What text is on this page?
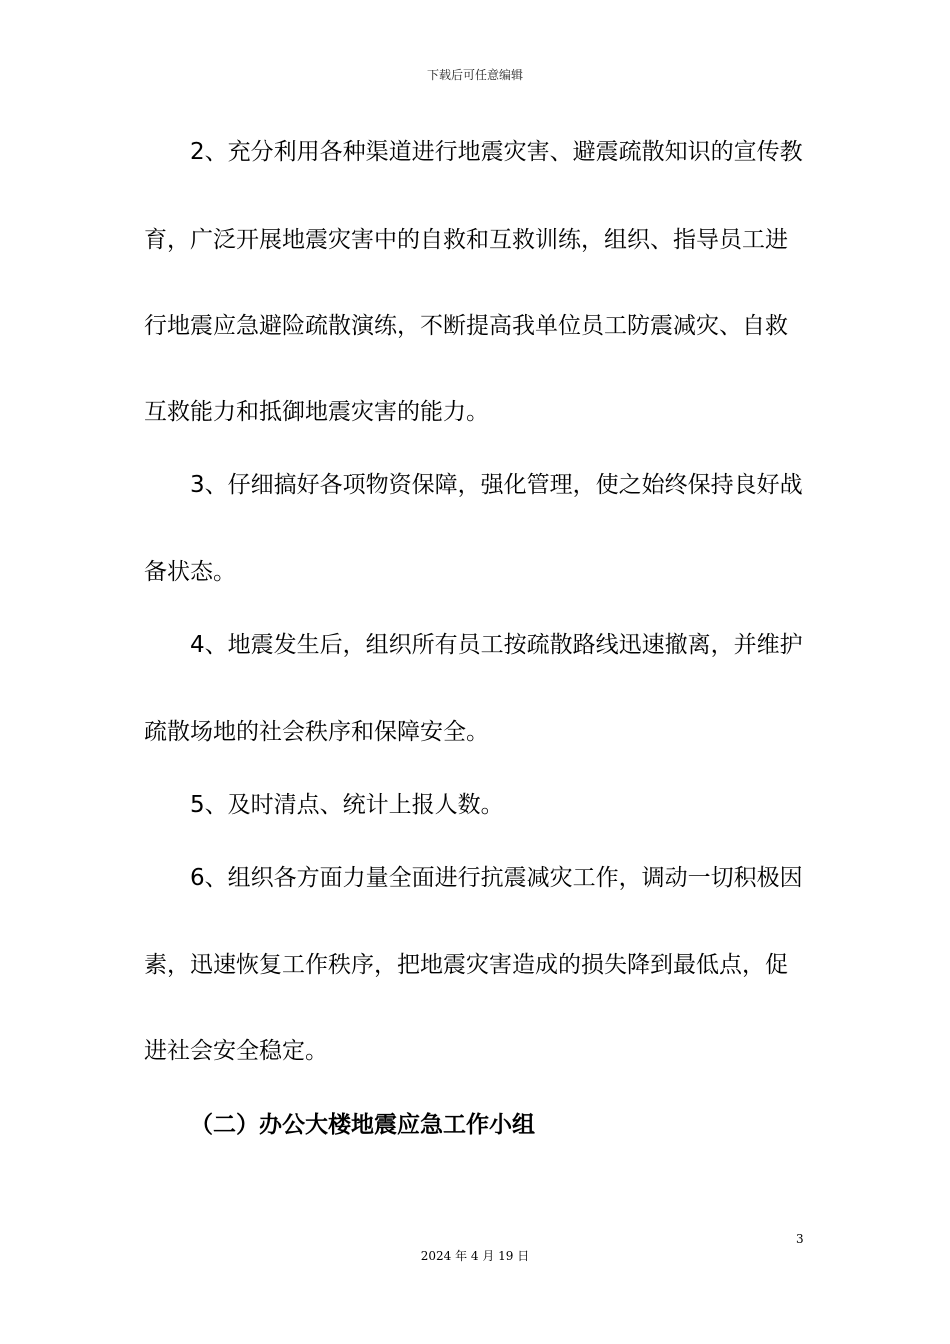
下载后可任意编辑
2、充分利用各种渠道进行地震灾害、避震疏散知识的宣传教
育，广泛开展地震灾害中的自救和互救训练，组织、指导员工进
行地震应急避险疏散演练，不断提高我单位员工防震减灾、自救
互救能力和抵御地震灾害的能力。
3、仔细搞好各项物资保障，强化管理，使之始终保持良好战
备状态。
4、地震发生后，组织所有员工按疏散路线迅速撤离，并维护
疏散场地的社会秩序和保障安全。
5、及时清点、统计上报人数。
6、组织各方面力量全面进行抗震减灾工作，调动一切积极因
素，迅速恢复工作秩序，把地震灾害造成的损失降到最低点，促
进社会安全稳定。
（二）办公大楼地震应急工作小组
3
2024 年 4 月 19 日
